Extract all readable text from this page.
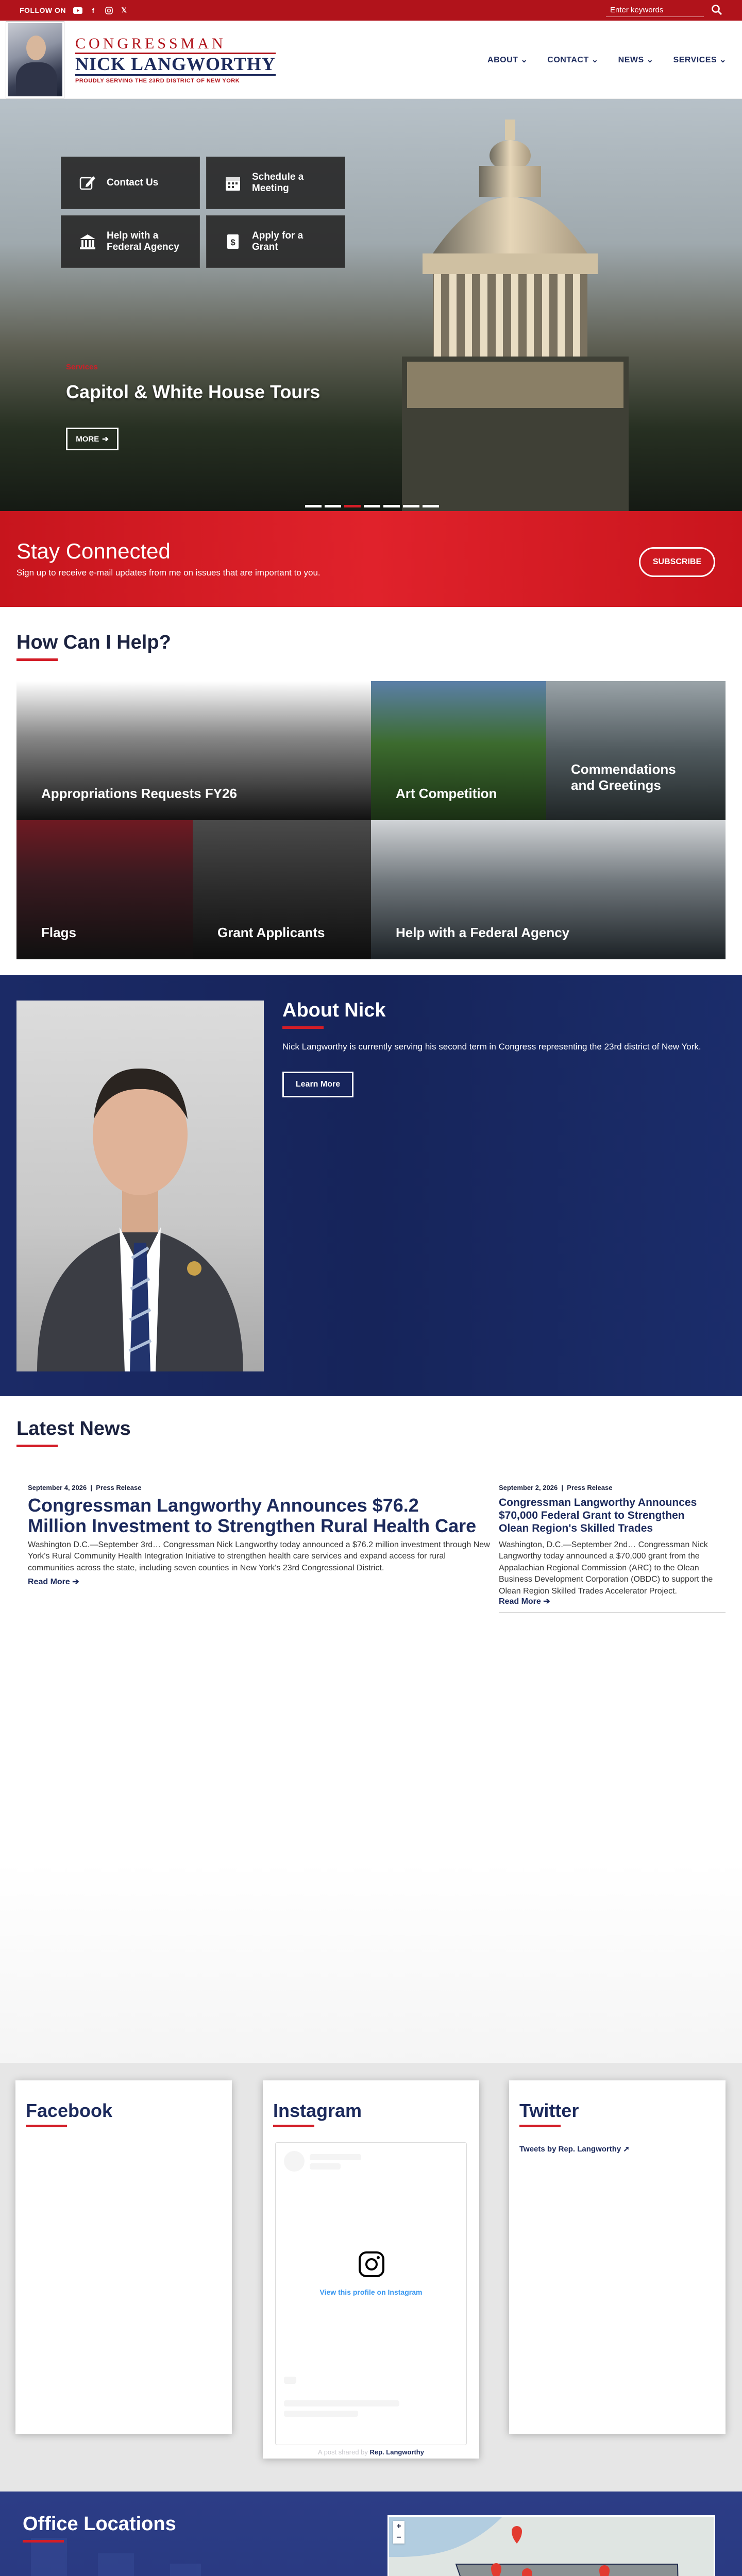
FOLLOW ON	f	𝕏
Enter keywords
CONGRESSMAN
NICK LANGWORTHY
PROUDLY SERVING THE 23RD DISTRICT OF NEW YORK
ABOUT ⌄ CONTACT ⌄ NEWS ⌄ SERVICES ⌄
Contact Us
Schedule a Meeting
Help with a Federal Agency	$
Apply for a Grant
Services
Capitol & White House Tours
MORE ➔
Stay Connected

Sign up to receive e-mail updates from me on issues that are important to you.

SUBSCRIBE
How Can I Help?
Appropriations Requests FY26	Art Competition
Commendations and Greetings
Flags	Grant Applicants	Help with a Federal Agency
About Nick

Nick Langworthy is currently serving his second term in Congress representing the 23rd district of New York.

Learn More
Latest News
September 4, 2026  |  Press Release
Congressman Langworthy Announces $76.2 Million Investment to Strengthen Rural Health Care
Washington D.C.—September 3rd… Congressman Nick Langworthy today announced a $76.2 million investment through New York's Rural Community Health Integration Initiative to strengthen health care services and expand access for rural communities across the state, including seven counties in New York's 23rd Congressional District.
Read More ➔
September 2, 2026  |  Press Release
Congressman Langworthy Announces $70,000 Federal Grant to Strengthen Olean Region's Skilled Trades
Washington, D.C.—September 2nd… Congressman Nick Langworthy today announced a $70,000 grant from the Appalachian Regional Commission (ARC) to the Olean Business Development Corporation (OBDC) to support the Olean Region Skilled Trades Accelerator Project.
Read More ➔
Facebook	Instagram
View this profile on Instagram
A post shared by Rep. Langworthy
Twitter
Tweets by Rep. Langworthy ➚
Office Locations	+
−
